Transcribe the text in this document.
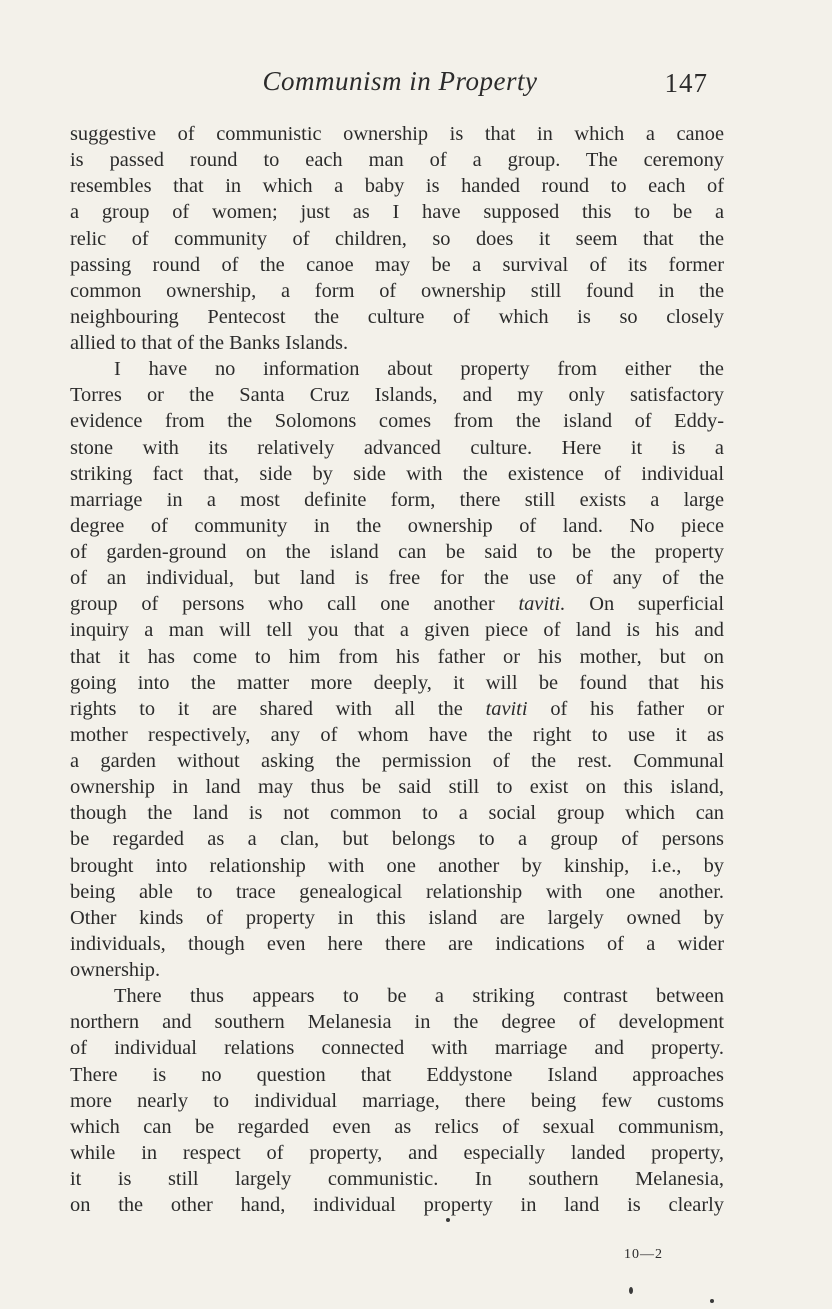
Communism in Property	147
suggestive of communistic ownership is that in which a canoe
is passed round to each man of a group. The ceremony
resembles that in which a baby is handed round to each of
a group of women; just as I have supposed this to be a
relic of community of children, so does it seem that the
passing round of the canoe may be a survival of its former
common ownership, a form of ownership still found in the
neighbouring Pentecost the culture of which is so closely
allied to that of the Banks Islands.
I have no information about property from either the
Torres or the Santa Cruz Islands, and my only satisfactory
evidence from the Solomons comes from the island of Eddy-
stone with its relatively advanced culture. Here it is a
striking fact that, side by side with the existence of individual
marriage in a most definite form, there still exists a large
degree of community in the ownership of land. No piece
of garden-ground on the island can be said to be the property
of an individual, but land is free for the use of any of the
group of persons who call one another taviti. On superficial
inquiry a man will tell you that a given piece of land is his and
that it has come to him from his father or his mother, but on
going into the matter more deeply, it will be found that his
rights to it are shared with all the taviti of his father or
mother respectively, any of whom have the right to use it as
a garden without asking the permission of the rest. Communal
ownership in land may thus be said still to exist on this island,
though the land is not common to a social group which can
be regarded as a clan, but belongs to a group of persons
brought into relationship with one another by kinship, i.e., by
being able to trace genealogical relationship with one another.
Other kinds of property in this island are largely owned by
individuals, though even here there are indications of a wider
ownership.
There thus appears to be a striking contrast between
northern and southern Melanesia in the degree of development
of individual relations connected with marriage and property.
There is no question that Eddystone Island approaches
more nearly to individual marriage, there being few customs
which can be regarded even as relics of sexual communism,
while in respect of property, and especially landed property,
it is still largely communistic. In southern Melanesia,
on the other hand, individual property in land is clearly
10—2
